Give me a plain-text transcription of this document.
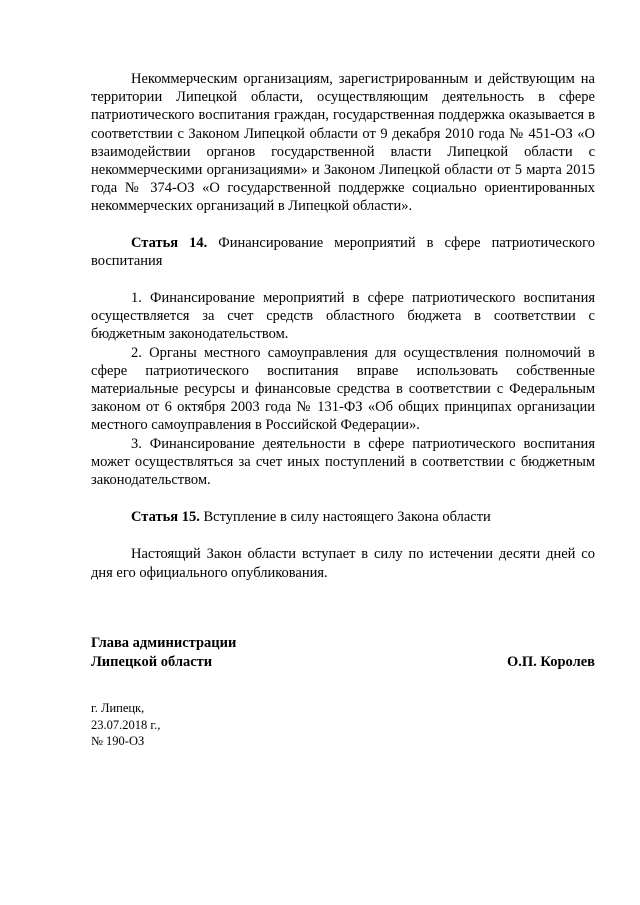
Некоммерческим организациям, зарегистрированным и действующим на территории Липецкой области, осуществляющим деятельность в сфере патриотического воспитания граждан, государственная поддержка оказывается в соответствии с Законом Липецкой области от 9 декабря 2010 года № 451-ОЗ «О взаимодействии органов государственной власти Липецкой области с некоммерческими организациями» и Законом Липецкой области от 5 марта 2015 года № 374-ОЗ «О государственной поддержке социально ориентированных некоммерческих организаций в Липецкой области».

Статья 14. Финансирование мероприятий в сфере патриотического воспитания

1. Финансирование мероприятий в сфере патриотического воспитания осуществляется за счет средств областного бюджета в соответствии с бюджетным законодательством.

2. Органы местного самоуправления для осуществления полномочий в сфере патриотического воспитания вправе использовать собственные материальные ресурсы и финансовые средства в соответствии с Федеральным законом от 6 октября 2003 года № 131-ФЗ «Об общих принципах организации местного самоуправления в Российской Федерации».

3. Финансирование деятельности в сфере патриотического воспитания может осуществляться за счет иных поступлений в соответствии с бюджетным законодательством.

Статья 15. Вступление в силу настоящего Закона области

Настоящий Закон области вступает в силу по истечении десяти дней со дня его официального опубликования.

Глава администрации
Липецкой области	О.П. Королев
г. Липецк,
23.07.2018 г.,
№ 190-ОЗ
